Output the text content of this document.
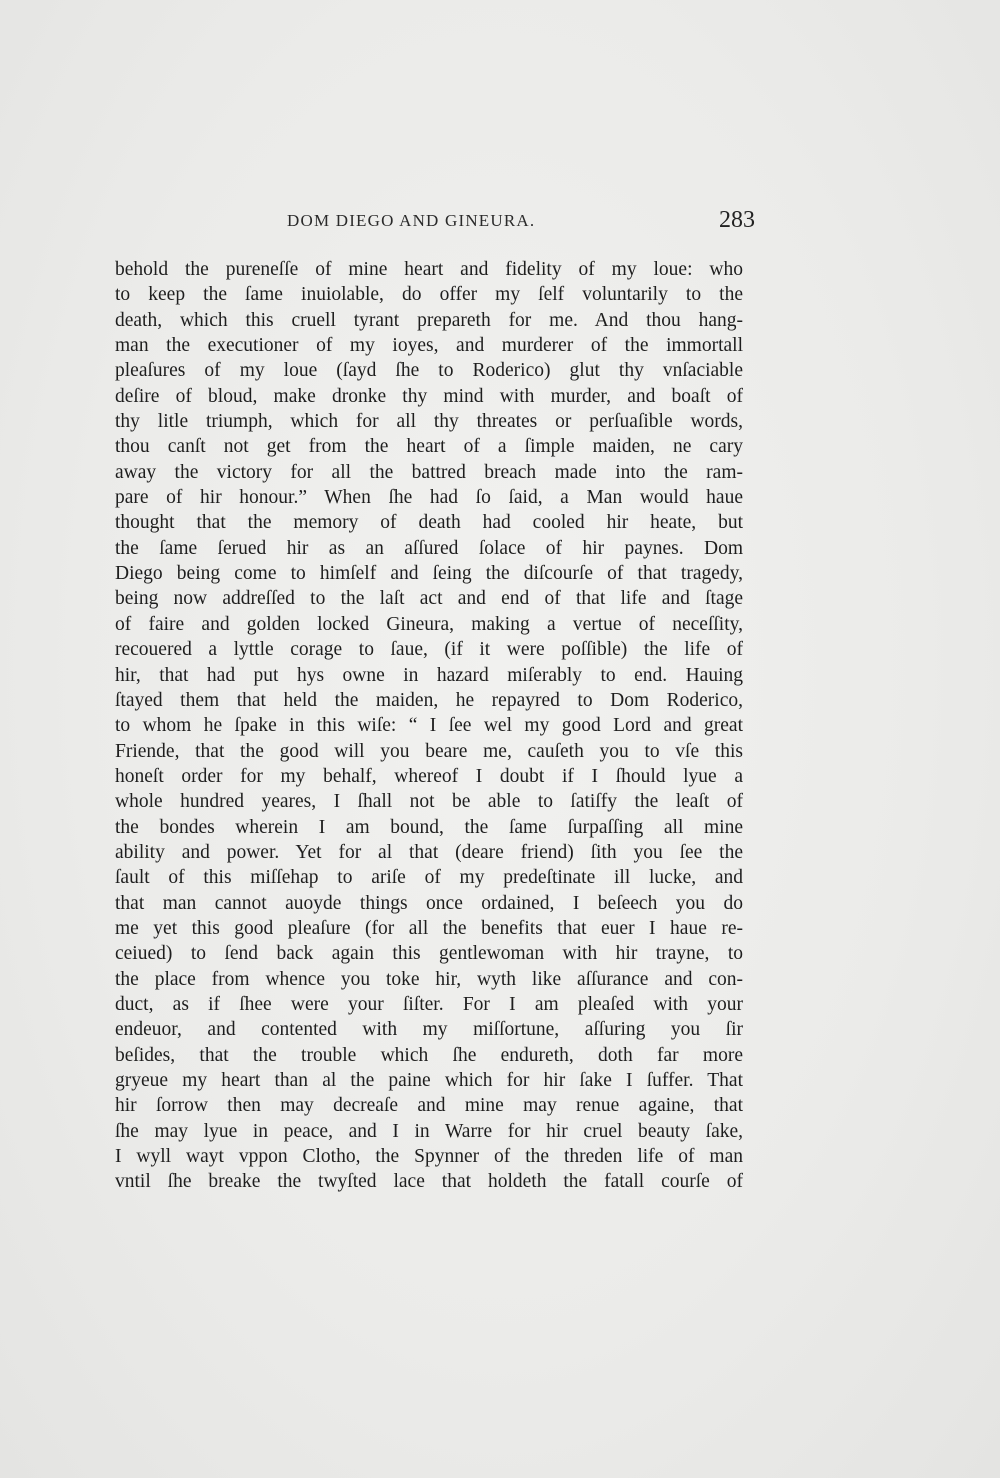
DOM DIEGO AND GINEURA.	283
behold the pureneſſe of mine heart and fidelity of my loue: who
to keep the ſame inuiolable, do offer my ſelf voluntarily to the
death, which this cruell tyrant prepareth for me. And thou hang-
man the executioner of my ioyes, and murderer of the immortall
pleaſures of my loue (ſayd ſhe to Roderico) glut thy vnſaciable
deſire of bloud, make dronke thy mind with murder, and boaſt of
thy litle triumph, which for all thy threates or perſuaſible words,
thou canſt not get from the heart of a ſimple maiden, ne cary
away the victory for all the battred breach made into the ram-
pare of hir honour.” When ſhe had ſo ſaid, a Man would haue
thought that the memory of death had cooled hir heate, but
the ſame ſerued hir as an aſſured ſolace of hir paynes. Dom
Diego being come to himſelf and ſeing the diſcourſe of that tragedy,
being now addreſſed to the laſt act and end of that life and ſtage
of faire and golden locked Gineura, making a vertue of neceſſity,
recouered a lyttle corage to ſaue, (if it were poſſible) the life of
hir, that had put hys owne in hazard miſerably to end. Hauing
ſtayed them that held the maiden, he repayred to Dom Roderico,
to whom he ſpake in this wiſe: “ I ſee wel my good Lord and great
Friende, that the good will you beare me, cauſeth you to vſe this
honeſt order for my behalf, whereof I doubt if I ſhould lyue a
whole hundred yeares, I ſhall not be able to ſatiſfy the leaſt of
the bondes wherein I am bound, the ſame ſurpaſſing all mine
ability and power. Yet for al that (deare friend) ſith you ſee the
ſault of this miſſehap to ariſe of my predeſtinate ill lucke, and
that man cannot auoyde things once ordained, I beſeech you do
me yet this good pleaſure (for all the benefits that euer I haue re-
ceiued) to ſend back again this gentlewoman with hir trayne, to
the place from whence you toke hir, wyth like aſſurance and con-
duct, as if ſhee were your ſiſter. For I am pleaſed with your
endeuor, and contented with my miſſortune, aſſuring you ſir
beſides, that the trouble which ſhe endureth, doth far more
gryeue my heart than al the paine which for hir ſake I ſuffer. That
hir ſorrow then may decreaſe and mine may renue againe, that
ſhe may lyue in peace, and I in Warre for hir cruel beauty ſake,
I wyll wayt vppon Clotho, the Spynner of the threden life of man
vntil ſhe breake the twyſted lace that holdeth the fatall courſe of
